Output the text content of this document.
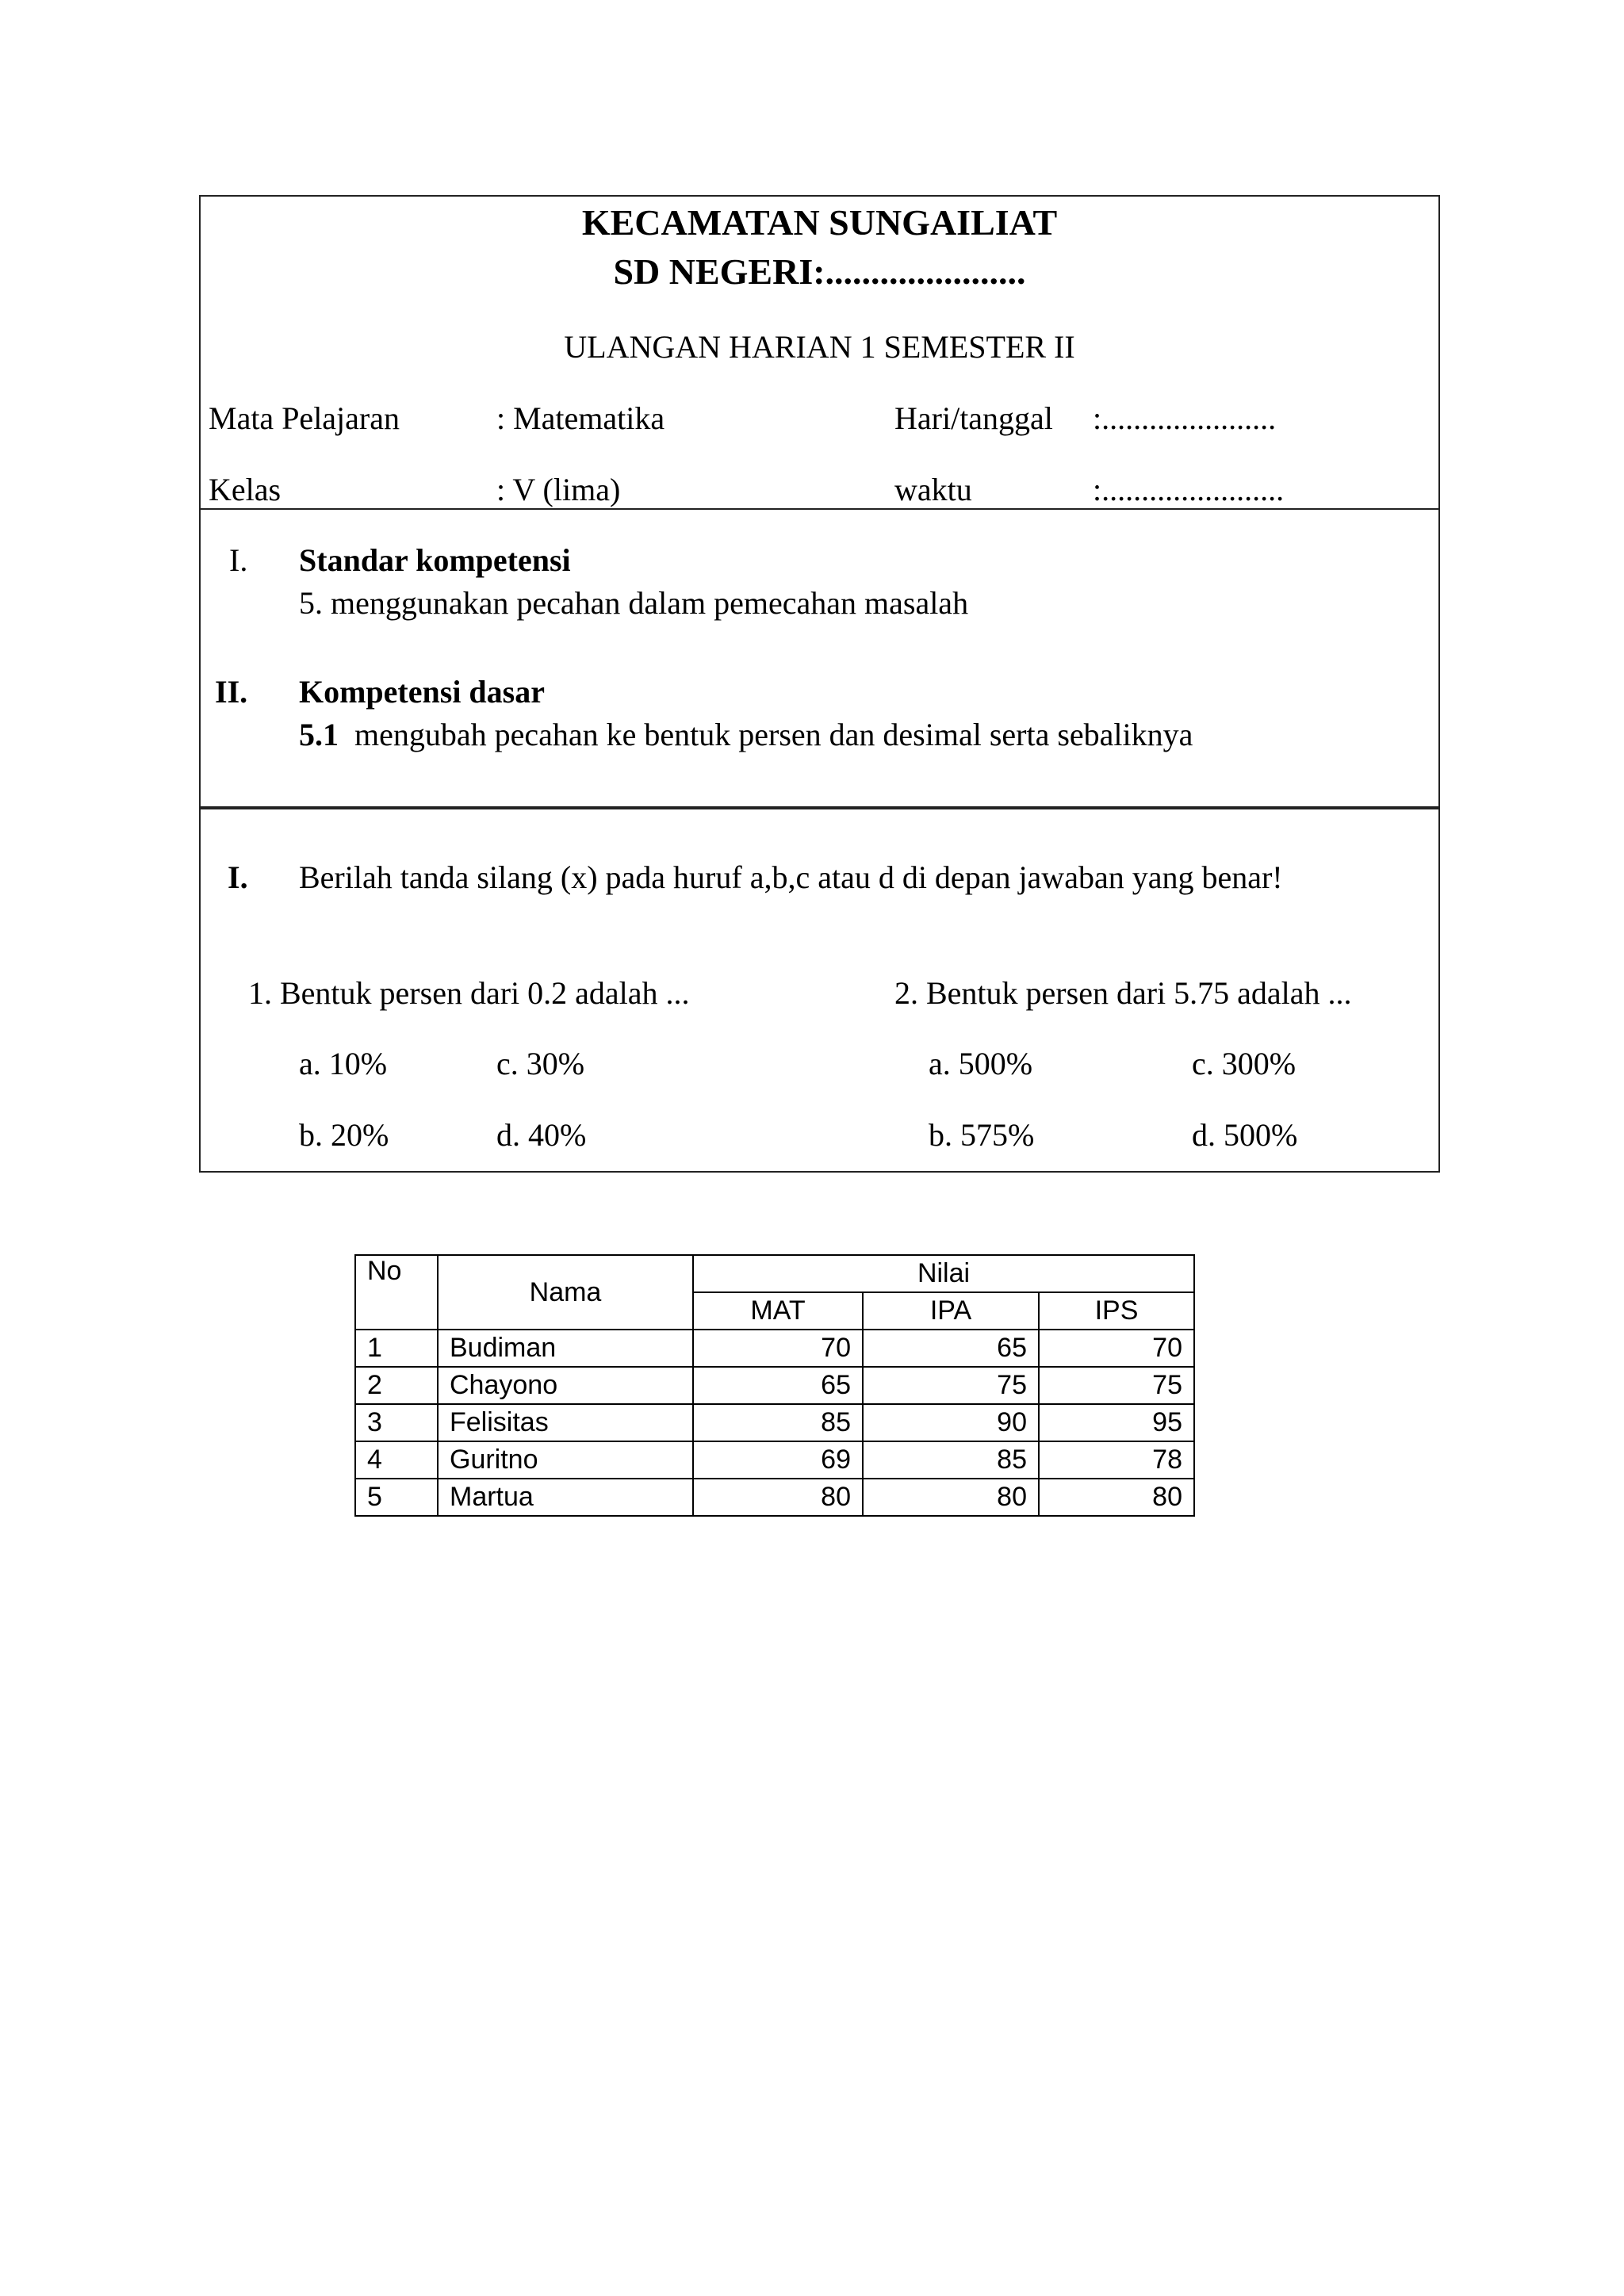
KECAMATAN SUNGAILIAT
SD NEGERI:......................
ULANGAN HARIAN 1 SEMESTER II
Mata Pelajaran	: Matematika	Hari/tanggal :......................
Kelas	: V (lima)	waktu	:.......................
I. Standar kompetensi
5. menggunakan pecahan dalam pemecahan masalah
II. Kompetensi dasar
5.1 mengubah pecahan ke bentuk persen dan desimal serta sebaliknya
I. Berilah tanda silang (x) pada huruf a,b,c atau d di depan jawaban yang benar!
1. Bentuk persen dari 0.2 adalah ...
a. 10%	c. 30%
b. 20%	d. 40%
2. Bentuk persen dari 5.75 adalah ...
a. 500%	c. 300%
b. 575%	d. 500%
No	Nama	Nilai		
		MAT	IPA	IPS
1	Budiman	70	65	70
2	Chayono	65	75	75
3	Felisitas	85	90	95
4	Guritno	69	85	78
5	Martua	80	80	80
